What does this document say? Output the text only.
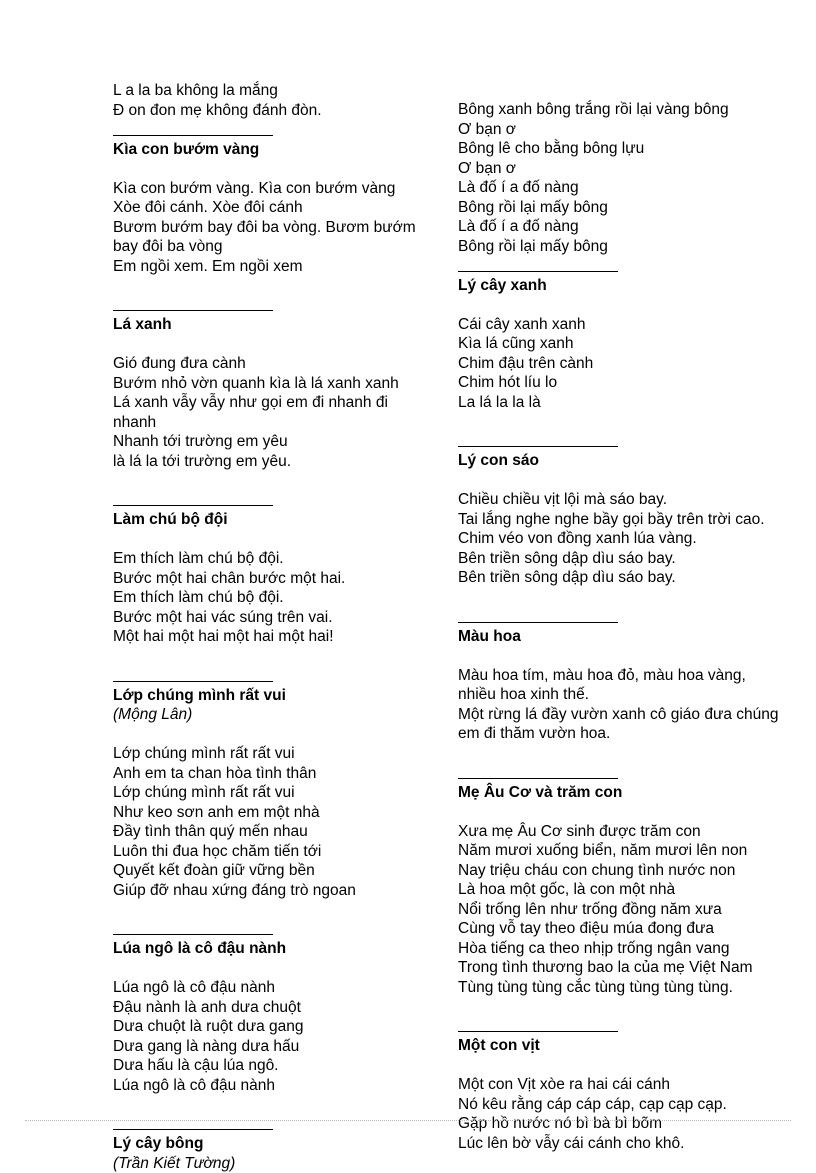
L a la ba không la mắng
Đ on đon mẹ không đánh đòn.
Kìa con bướm vàng
Kìa con bướm vàng. Kìa con bướm vàng
Xòe đôi cánh. Xòe đôi cánh
Bươm bướm bay đôi ba vòng. Bươm bướm
bay đôi ba vòng
Em ngồi xem. Em ngồi xem
Lá xanh
Gió đung đưa cành
Bướm nhỏ vờn quanh kìa là lá xanh xanh
Lá xanh vẫy vẫy như gọi em đi nhanh đi
nhanh
Nhanh tới trường em yêu
là lá la tới trường em yêu.
Làm chú bộ đội
Em thích làm chú bộ đội.
Bước một hai chân bước một hai.
Em thích làm chú bộ đội.
Bước một hai vác súng trên vai.
Một hai một hai một hai một hai!
Lớp chúng mình rất vui
(Mộng Lân)
Lớp chúng mình rất rất vui
Anh em ta chan hòa tình thân
Lớp chúng mình rất rất vui
Như keo sơn anh em một nhà
Đầy tình thân quý mến nhau
Luôn thi đua học chăm tiến tới
Quyết kết đoàn giữ vững bền
Giúp đỡ nhau xứng đáng trò ngoan
Lúa ngô là cô đậu nành
Lúa ngô là cô đậu nành
Đậu nành là anh dưa chuột
Dưa chuột là ruột dưa gang
Dưa gang là nàng dưa hấu
Dưa hấu là cậu lúa ngô.
Lúa ngô là cô đậu nành
Lý cây bông
(Trần Kiết Tường)
Bông xanh bông trắng rồi lại vàng bông
Ơ bạn ơ
Bông lê cho bằng bông lựu
Ơ bạn ơ
Là đố í a đố nàng
Bông rồi lại mấy bông
Là đố í a đố nàng
Bông rồi lại mấy bông
Lý cây xanh
Cái cây xanh xanh
Kìa lá cũng xanh
Chim đậu trên cành
Chim hót líu lo
La lá la la là
Lý con sáo
Chiều chiều vịt lội mà sáo bay.
Tai lắng nghe nghe bầy gọi bầy trên trời cao.
Chim véo von đồng xanh lúa vàng.
Bên triền sông dập dìu sáo bay.
Bên triền sông dập dìu sáo bay.
Màu hoa
Màu hoa tím, màu hoa đỏ, màu hoa vàng,
nhiều hoa xinh thế.
Một rừng lá đầy vườn xanh cô giáo đưa chúng
em đi thăm vườn hoa.
Mẹ Âu Cơ và trăm con
Xưa mẹ Âu Cơ sinh được trăm con
Năm mươi xuống biển, năm mươi lên non
Nay triệu cháu con chung tình nước non
Là hoa một gốc, là con một nhà
Nổi trống lên như trống đồng năm xưa
Cùng vỗ tay theo điệu múa đong đưa
Hòa tiếng ca theo nhịp trống ngân vang
Trong tình thương bao la của mẹ Việt Nam
Tùng tùng tùng cắc tùng tùng tùng tùng.
Một con vịt
Một con Vịt xòe ra hai cái cánh
Nó kêu rằng cáp cáp cáp, cạp cạp cạp.
Gặp hồ nước nó bì bà bì bõm
Lúc lên bờ vẫy cái cánh cho khô.
